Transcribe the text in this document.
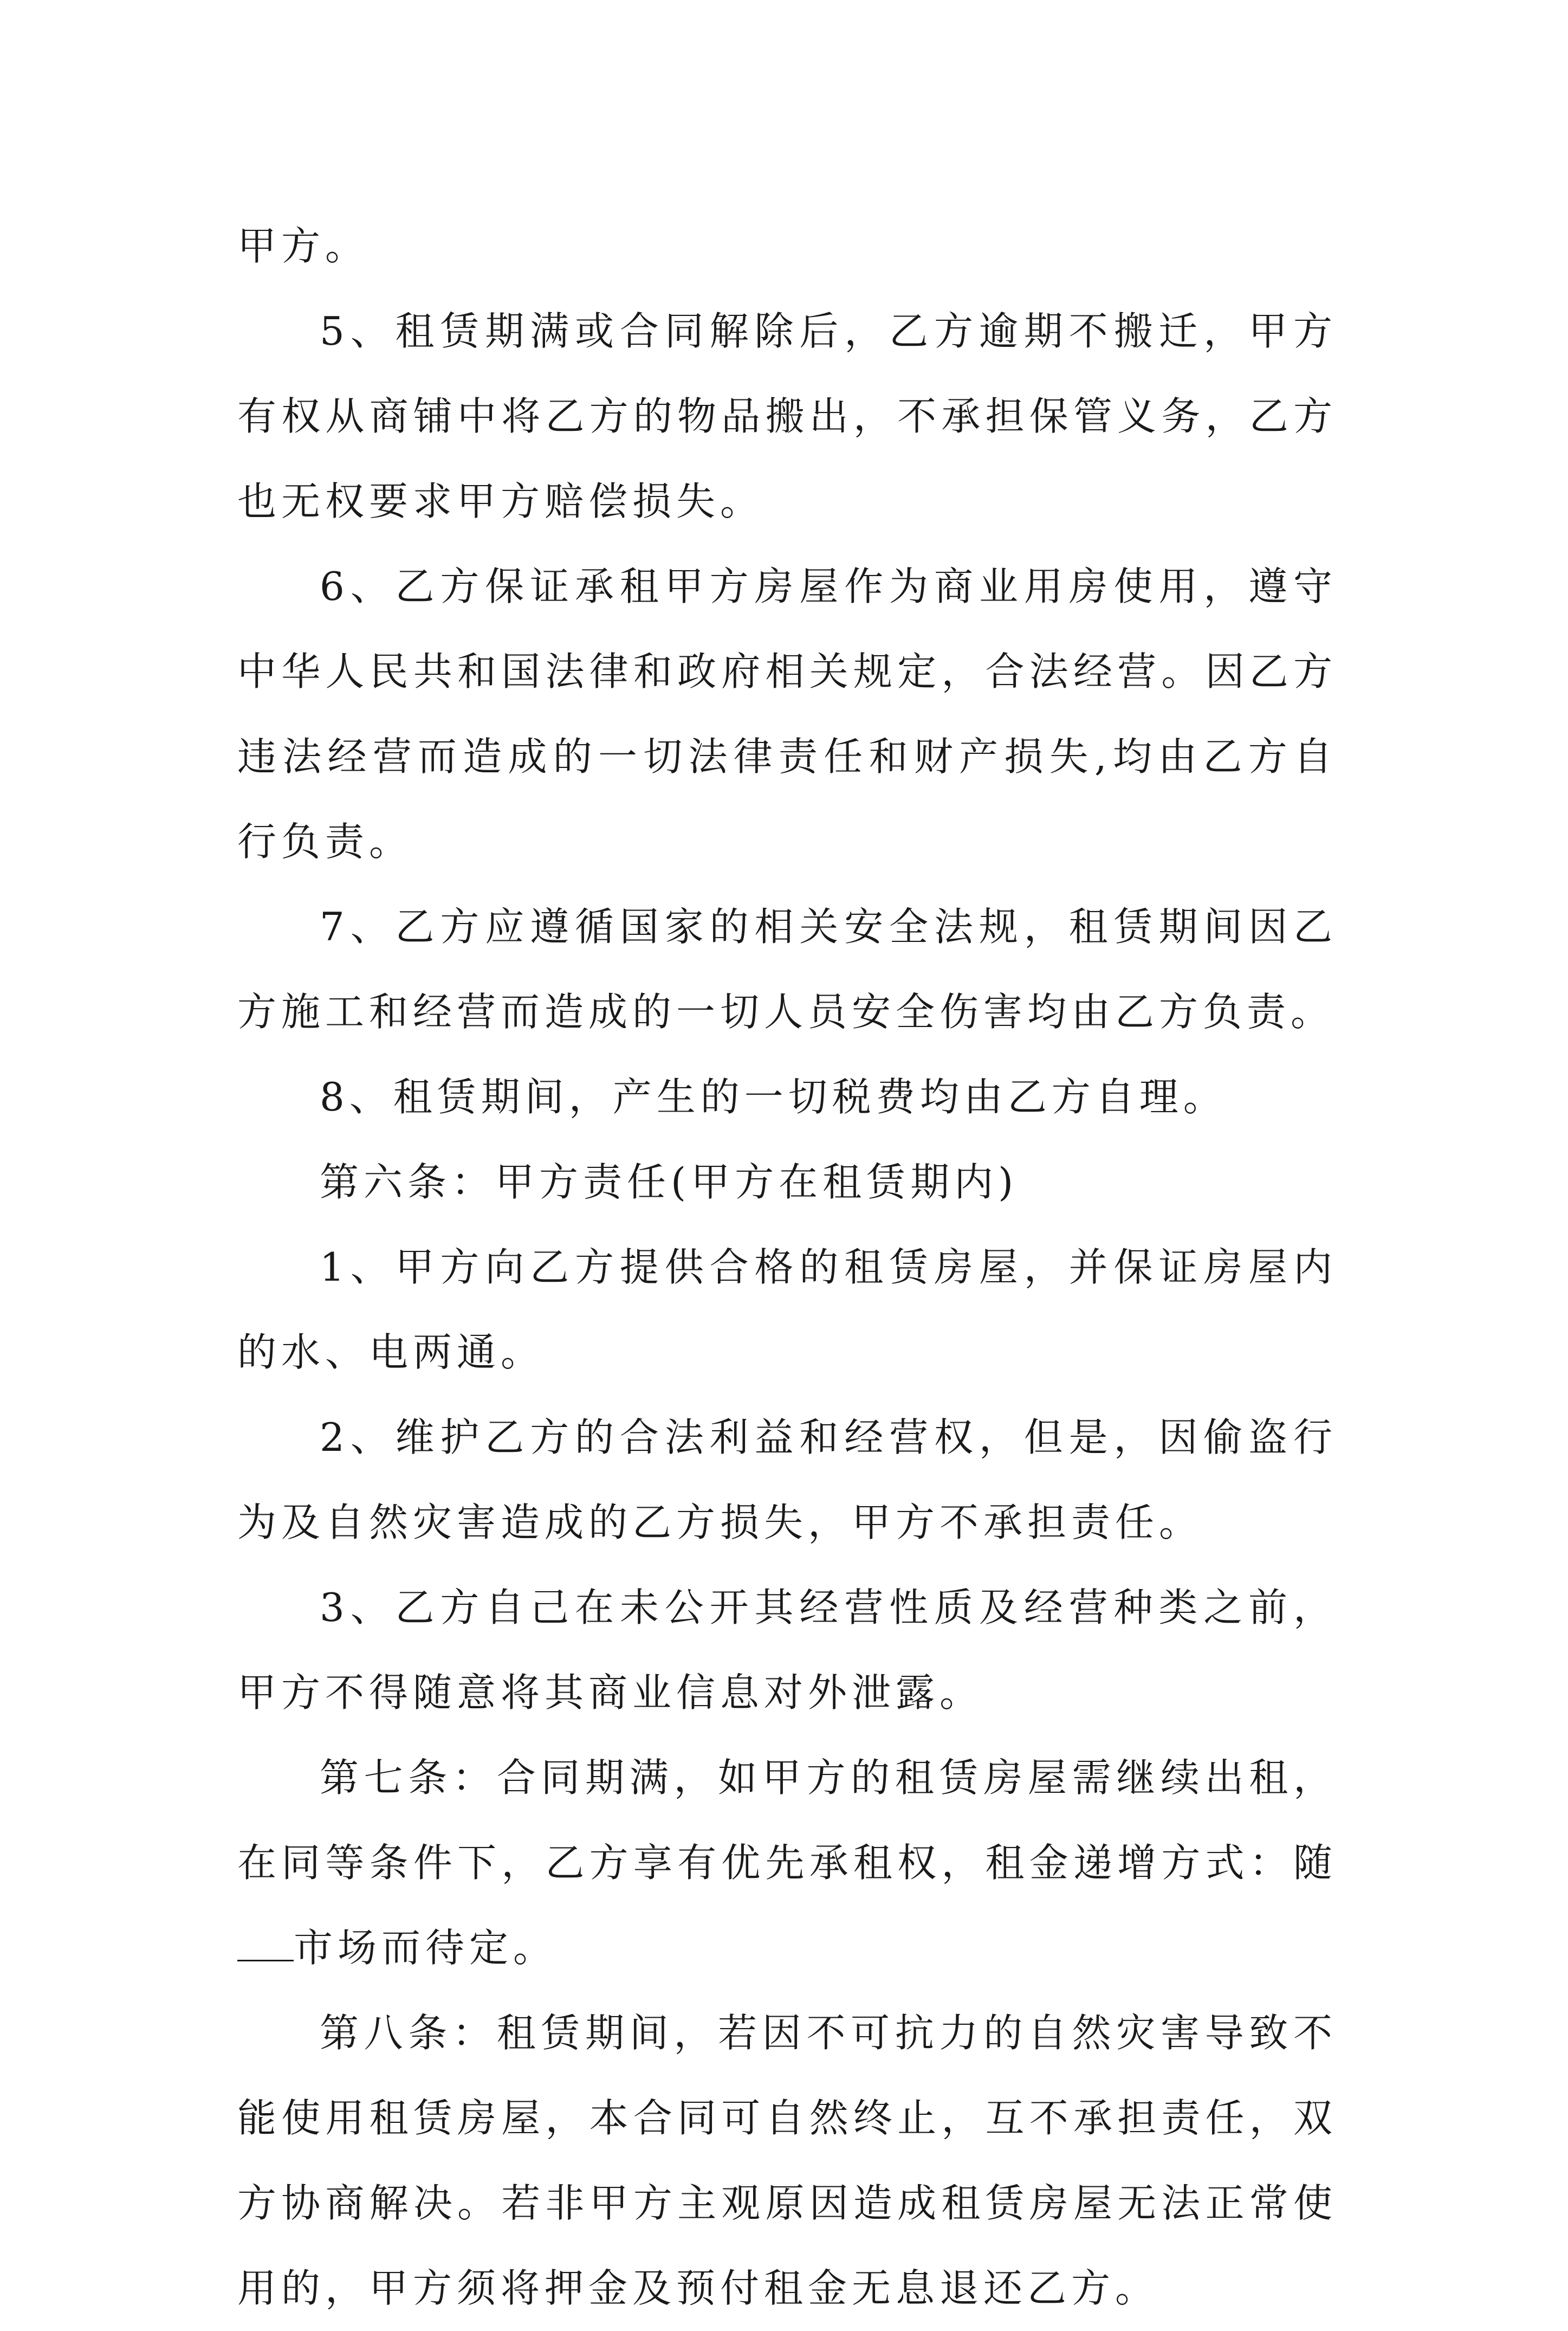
甲方。

5、租赁期满或合同解除后，乙方逾期不搬迁，甲方有权从商铺中将乙方的物品搬出，不承担保管义务，乙方也无权要求甲方赔偿损失。

6、乙方保证承租甲方房屋作为商业用房使用，遵守中华人民共和国法律和政府相关规定，合法经营。因乙方违法经营而造成的一切法律责任和财产损失,均由乙方自行负责。

7、乙方应遵循国家的相关安全法规，租赁期间因乙方施工和经营而造成的一切人员安全伤害均由乙方负责。

8、租赁期间，产生的一切税费均由乙方自理。

第六条：甲方责任(甲方在租赁期内)

1、甲方向乙方提供合格的租赁房屋，并保证房屋内的水、电两通。

2、维护乙方的合法利益和经营权，但是，因偷盗行为及自然灾害造成的乙方损失，甲方不承担责任。

3、乙方自己在未公开其经营性质及经营种类之前，甲方不得随意将其商业信息对外泄露。

第七条：合同期满，如甲方的租赁房屋需继续出租，在同等条件下，乙方享有优先承租权，租金递增方式：随市场而待定。

第八条：租赁期间，若因不可抗力的自然灾害导致不能使用租赁房屋，本合同可自然终止，互不承担责任，双方协商解决。若非甲方主观原因造成租赁房屋无法正常使用的，甲方须将押金及预付租金无息退还乙方。
